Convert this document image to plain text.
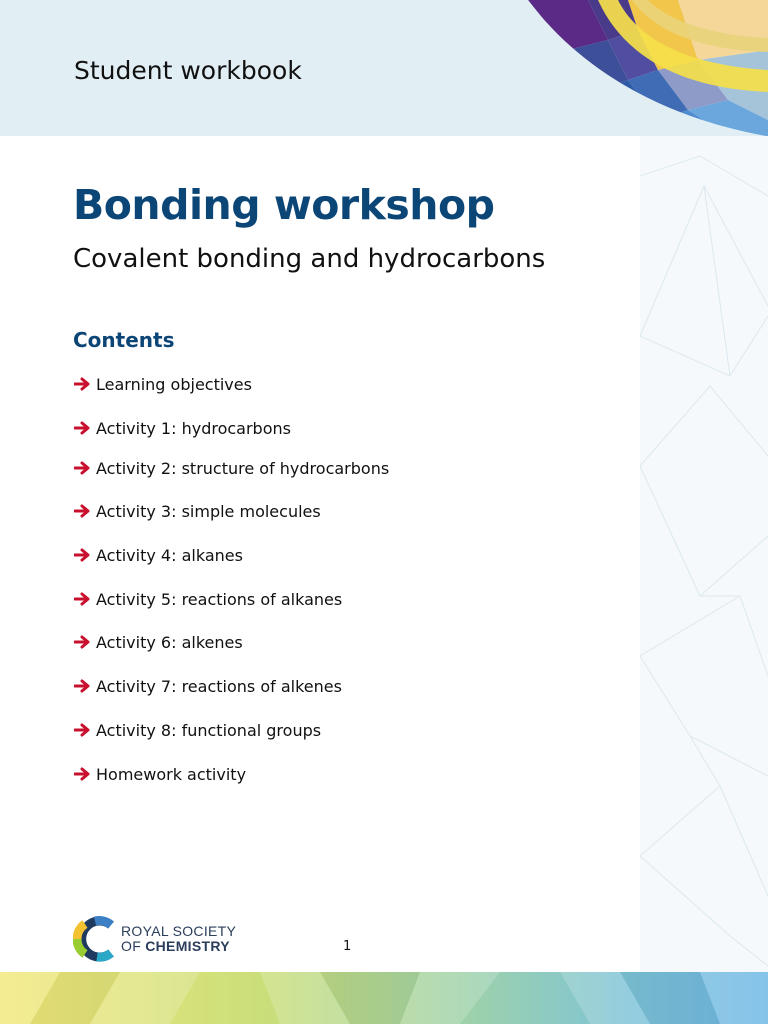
Student workbook
Bonding workshop
Covalent bonding and hydrocarbons
Contents
Learning objectives
Activity 1: hydrocarbons
Activity 2: structure of hydrocarbons
Activity 3: simple molecules
Activity 4: alkanes
Activity 5: reactions of alkanes
Activity 6: alkenes
Activity 7: reactions of alkenes
Activity 8: functional groups
Homework activity
ROYAL SOCIETY
OF CHEMISTRY	1
